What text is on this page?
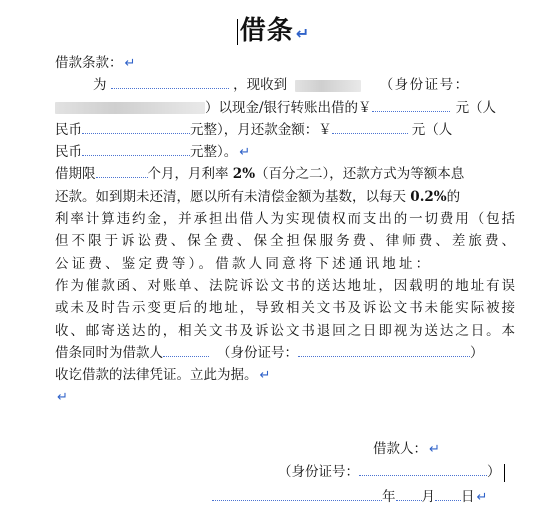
借条 ↵
借款条款： ↵
为	，现收到	（身份证号：
）以现金/银行转账出借的￥	元（人
民币	元整），月还款金额：￥	元（人
民币	元整）。 ↵
借期限	个月，月利率 2%（百分之二），还款方式为等额本息
还款。如到期未还清，愿以所有未清偿金额为基数，以每天 0.2%的
利率计算违约金，并承担出借人为实现债权而支出的一切费用（包括
但不限于诉讼费、保全费、保全担保服务费、律师费、差旅费、
公证费、鉴定费等）。借款人同意将下述通讯地址：
作为催款函、对账单、法院诉讼文书的送达地址，因载明的地址有误
或未及时告示变更后的地址，导致相关文书及诉讼文书未能实际被接
收、邮寄送达的，相关文书及诉讼文书退回之日即视为送达之日。本
借条同时为借款人	（身份证号：	）
收讫借款的法律凭证。立此为据。 ↵
↵
借款人： ↵
（身份证号：	）
年 月 日 ↵
